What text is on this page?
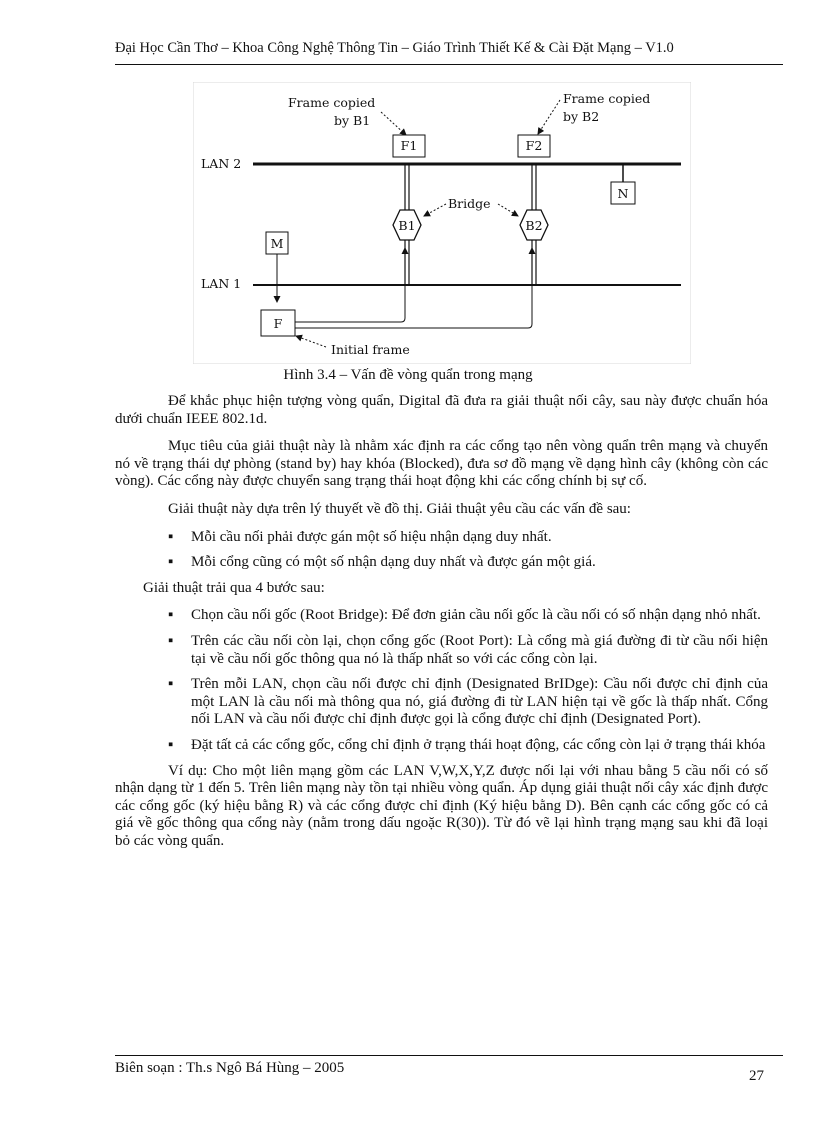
Đại Học Cần Thơ – Khoa Công Nghệ Thông Tin – Giáo Trình Thiết Kế & Cài Đặt Mạng – V1.0
Frame copied
by B1
Frame copied
by B2
LAN 2
LAN 1
F1	F2
N
B1	B2
Bridge
M
F
Initial frame
Hình 3.4 – Vấn đề vòng quẩn trong mạng

Để khắc phục hiện tượng vòng quẩn, Digital đã đưa ra giải thuật nối cây, sau này được chuẩn hóa dưới chuẩn IEEE 802.1d.

Mục tiêu của giải thuật này là nhằm xác định ra các cổng tạo nên vòng quẩn trên mạng và chuyển nó về trạng thái dự phòng (stand by) hay khóa (Blocked), đưa sơ đồ mạng về dạng hình cây (không còn các vòng). Các cổng này được chuyển sang trạng thái hoạt động khi các cổng chính bị sự cố.

Giải thuật này dựa trên lý thuyết về đồ thị. Giải thuật yêu cầu các vấn đề sau:

▪ Mỗi cầu nối phải được gán một số hiệu nhận dạng duy nhất.
▪ Mỗi cổng cũng có một số nhận dạng duy nhất và được gán một giá.

Giải thuật trải qua 4 bước sau:

▪ Chọn cầu nối gốc (Root Bridge): Để đơn giản cầu nối gốc là cầu nối có số nhận dạng nhỏ nhất.
▪ Trên các cầu nối còn lại, chọn cổng gốc (Root Port): Là cổng mà giá đường đi từ cầu nối hiện tại về cầu nối gốc thông qua nó là thấp nhất so với các cổng còn lại.
▪ Trên mỗi LAN, chọn cầu nối được chỉ định (Designated BrIDge): Cầu nối được chỉ định của một LAN là cầu nối mà thông qua nó, giá đường đi từ LAN hiện tại về gốc là thấp nhất. Cổng nối LAN và cầu nối được chỉ định được gọi là cổng được chỉ định (Designated Port).
▪ Đặt tất cả các cổng gốc, cổng chỉ định ở trạng thái hoạt động, các cổng còn lại ở trạng thái khóa

Ví dụ: Cho một liên mạng gồm các LAN V,W,X,Y,Z được nối lại với nhau bằng 5 cầu nối có số nhận dạng từ 1 đến 5. Trên liên mạng này tồn tại nhiều vòng quẩn. Áp dụng giải thuật nối cây xác định được các cổng gốc (ký hiệu bằng R) và các cổng được chỉ định (Ký hiệu bằng D). Bên cạnh các cổng gốc có cả giá về gốc thông qua cổng này (nằm trong dấu ngoặc R(30)). Từ đó vẽ lại hình trạng mạng sau khi đã loại bỏ các vòng quẩn.

Biên soạn : Th.s Ngô Bá Hùng – 2005	27
